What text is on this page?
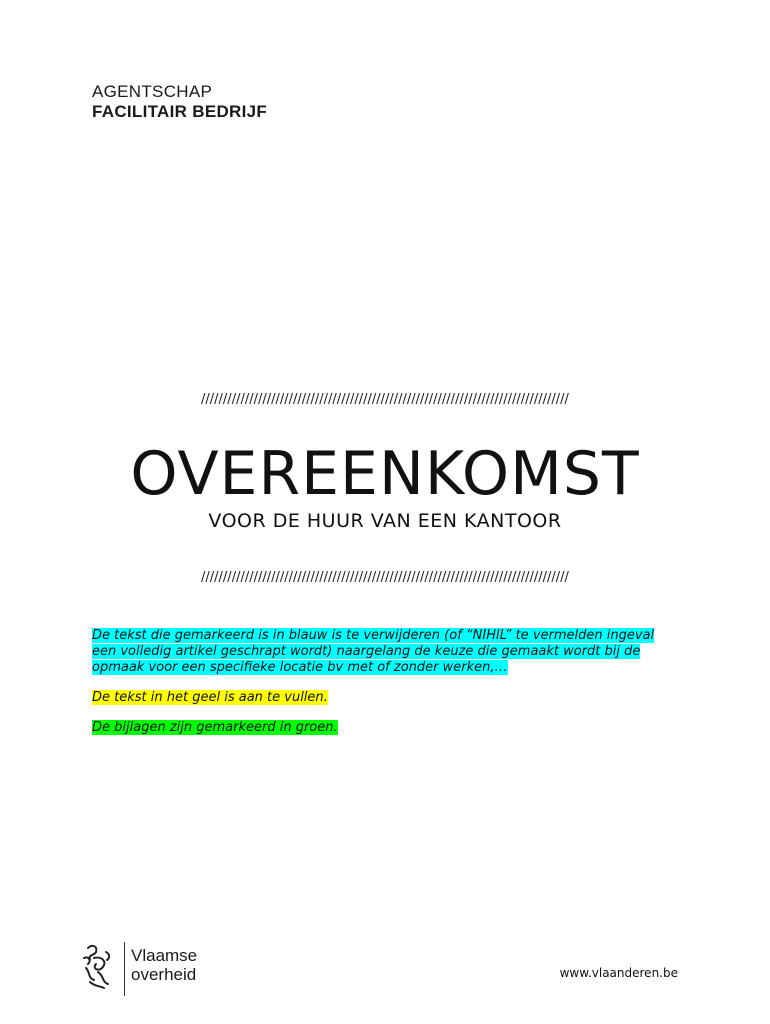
AGENTSCHAP
FACILITAIR BEDRIJF
////////////////////////////////////////////////////////////////////////////////////
OVEREENKOMST
VOOR DE HUUR VAN EEN KANTOOR
////////////////////////////////////////////////////////////////////////////////////

De tekst die gemarkeerd is in blauw is te verwijderen (of “NIHIL” te vermelden ingeval een volledig artikel geschrapt wordt) naargelang de keuze die gemaakt wordt bij de opmaak voor een specifieke locatie bv met of zonder werken,…

De tekst in het geel is aan te vullen.

De bijlagen zijn gemarkeerd in groen.

Vlaamse
overheid	www.vlaanderen.be
